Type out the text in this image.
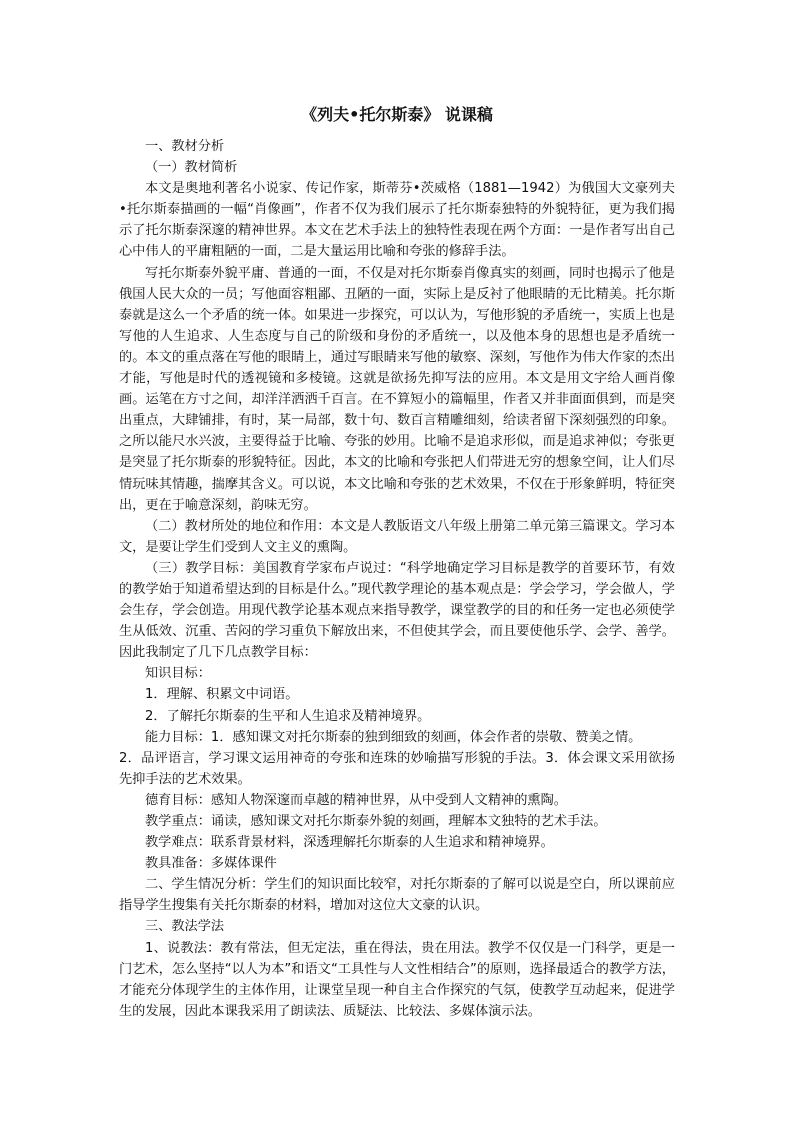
《列夫•托尔斯泰》 说课稿

一、教材分析

（一）教材简析

本文是奥地利著名小说家、传记作家，斯蒂芬•茨威格（1881—1942）为俄国大文豪列夫•托尔斯泰描画的一幅“肖像画”，作者不仅为我们展示了托尔斯泰独特的外貌特征，更为我们揭示了托尔斯泰深邃的精神世界。本文在艺术手法上的独特性表现在两个方面：一是作者写出自己心中伟人的平庸粗陋的一面，二是大量运用比喻和夸张的修辞手法。

写托尔斯泰外貌平庸、普通的一面，不仅是对托尔斯泰肖像真实的刻画，同时也揭示了他是俄国人民大众的一员；写他面容粗鄙、丑陋的一面，实际上是反衬了他眼睛的无比精美。托尔斯泰就是这么一个矛盾的统一体。如果进一步探究，可以认为，写他形貌的矛盾统一，实质上也是写他的人生追求、人生态度与自己的阶级和身份的矛盾统一，以及他本身的思想也是矛盾统一的。本文的重点落在写他的眼睛上，通过写眼睛来写他的敏察、深刻，写他作为伟大作家的杰出才能，写他是时代的透视镜和多棱镜。这就是欲扬先抑写法的应用。本文是用文字给人画肖像画。运笔在方寸之间，却洋洋洒洒千百言。在不算短小的篇幅里，作者又并非面面俱到，而是突出重点，大肆铺排，有时，某一局部，数十句、数百言精雕细刻，给读者留下深刻强烈的印象。之所以能尺水兴波，主要得益于比喻、夸张的妙用。比喻不是追求形似，而是追求神似；夸张更是突显了托尔斯泰的形貌特征。因此，本文的比喻和夸张把人们带进无穷的想象空间，让人们尽情玩味其情趣，揣摩其含义。可以说，本文比喻和夸张的艺术效果，不仅在于形象鲜明，特征突出，更在于喻意深刻，韵味无穷。

（二）教材所处的地位和作用：本文是人教版语文八年级上册第二单元第三篇课文。学习本文，是要让学生们受到人文主义的熏陶。

（三）教学目标：美国教育学家布卢说过：“科学地确定学习目标是教学的首要环节，有效的教学始于知道希望达到的目标是什么。”现代教学理论的基本观点是：学会学习，学会做人，学会生存，学会创造。用现代教学论基本观点来指导教学，课堂教学的目的和任务一定也必须使学生从低效、沉重、苦闷的学习重负下解放出来，不但使其学会，而且要使他乐学、会学、善学。因此我制定了几下几点教学目标：

知识目标：

1．理解、积累文中词语。

2．了解托尔斯泰的生平和人生追求及精神境界。

能力目标：1．感知课文对托尔斯泰的独到细致的刻画，体会作者的崇敬、赞美之情。

2．品评语言，学习课文运用神奇的夸张和连珠的妙喻描写形貌的手法。3．体会课文采用欲扬先抑手法的艺术效果。

德育目标：感知人物深邃而卓越的精神世界，从中受到人文精神的熏陶。

教学重点：诵读，感知课文对托尔斯泰外貌的刻画，理解本文独特的艺术手法。

教学难点：联系背景材料，深透理解托尔斯泰的人生追求和精神境界。

教具准备：多媒体课件

二、学生情况分析：学生们的知识面比较窄，对托尔斯泰的了解可以说是空白，所以课前应指导学生搜集有关托尔斯泰的材料，增加对这位大文豪的认识。

三、教法学法

1、说教法：教有常法，但无定法，重在得法，贵在用法。教学不仅仅是一门科学，更是一门艺术，怎么坚持“以人为本”和语文“工具性与人文性相结合”的原则，选择最适合的教学方法，才能充分体现学生的主体作用，让课堂呈现一种自主合作探究的气氛，使教学互动起来，促进学生的发展，因此本课我采用了朗读法、质疑法、比较法、多媒体演示法。
